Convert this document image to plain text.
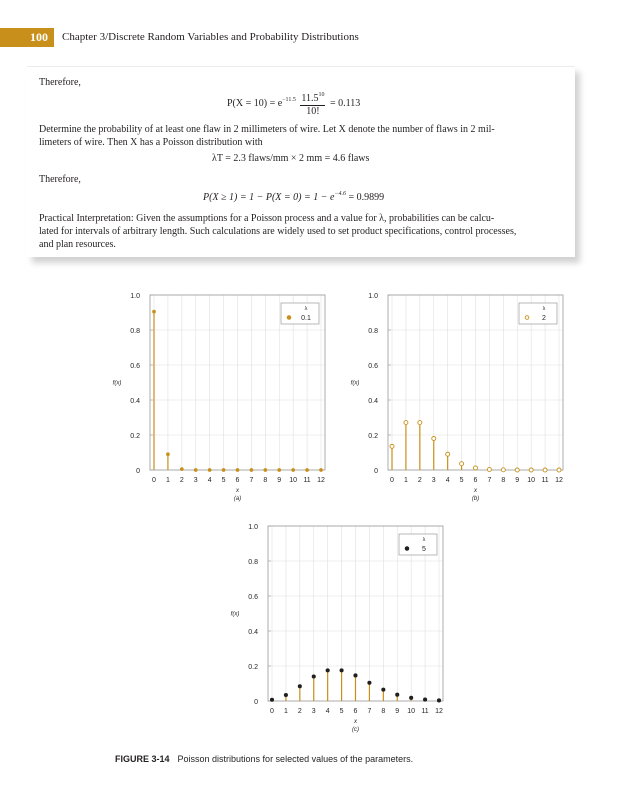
100	Chapter 3/Discrete Random Variables and Probability Distributions
Therefore,
$P(X = 10) = e^{-11.5} \frac{11.5^{10}}{10!} = 0.113$
Determine the probability of at least one flaw in 2 millimeters of wire. Let X denote the number of flaws in 2 mil-
limeters of wire. Then X has a Poisson distribution with
λT = 2.3 flaws/mm × 2 mm = 4.6 flaws
Therefore,
$P(X \ge 1) = 1 - P(X = 0) = 1 - e^{-4.6} = 0.9899$
Practical Interpretation: Given the assumptions for a Poisson process and a value for λ, probabilities can be calcu-
lated for intervals of arbitrary length. Such calculations are widely used to set product specifications, control processes,
and plan resources.
0
0.2
0.4
0.6
0.8
1.0
0 1 2 3 4 5 6 7 8 9 10 11 12
x
(a)
f(x)
λ
0.1
0
0.2
0.4
0.6
0.8
1.0
0 1 2 3 4 5 6 7 8 9 10 11 12
x
(b)
f(x)
λ
2
0
0.2
0.4
0.6
0.8
1.0
0 1 2 3 4 5 6 7 8 9 10 11 12
x
(c)
f(x)
λ
5
FIGURE 3-14 Poisson distributions for selected values of the parameters.
